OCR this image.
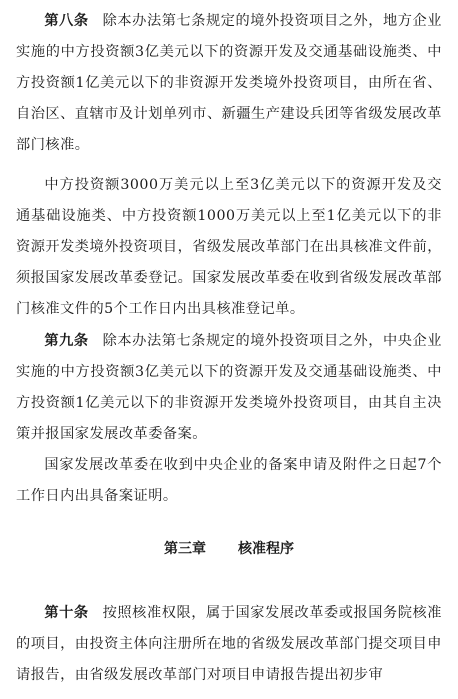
第八条 除本办法第七条规定的境外投资项目之外，地方企业实施的中方投资额3亿美元以下的资源开发及交通基础设施类、中方投资额1亿美元以下的非资源开发类境外投资项目，由所在省、自治区、直辖市及计划单列市、新疆生产建设兵团等省级发展改革部门核准。

中方投资额3000万美元以上至3亿美元以下的资源开发及交通基础设施类、中方投资额1000万美元以上至1亿美元以下的非资源开发类境外投资项目，省级发展改革部门在出具核准文件前，须报国家发展改革委登记。国家发展改革委在收到省级发展改革部门核准文件的5个工作日内出具核准登记单。

第九条 除本办法第七条规定的境外投资项目之外，中央企业实施的中方投资额3亿美元以下的资源开发及交通基础设施类、中方投资额1亿美元以下的非资源开发类境外投资项目，由其自主决策并报国家发展改革委备案。

国家发展改革委在收到中央企业的备案申请及附件之日起7个工作日内出具备案证明。

第三章 核准程序

第十条 按照核准权限，属于国家发展改革委或报国务院核准的项目，由投资主体向注册所在地的省级发展改革部门提交项目申请报告，由省级发展改革部门对项目申请报告提出初步审
